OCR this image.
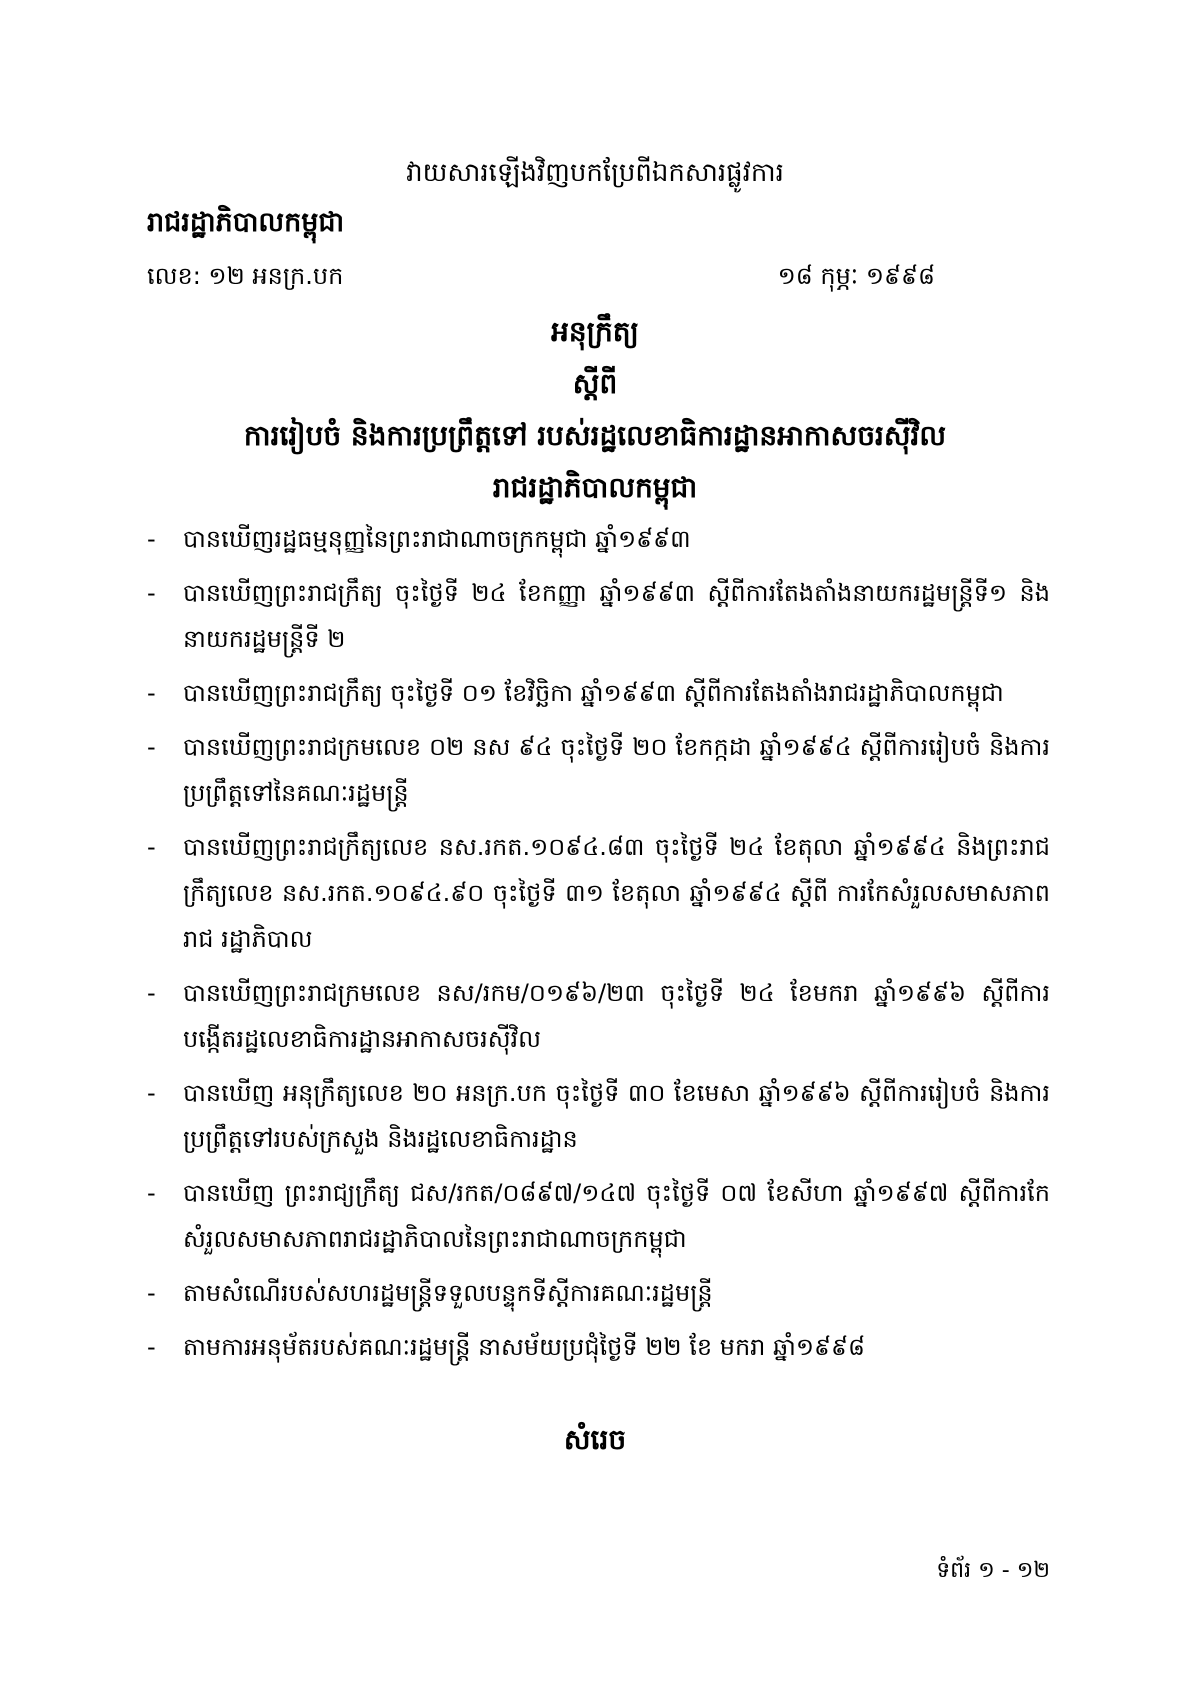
វាយសារឡើងវិញបកប្រែពីឯកសារផ្លូវការ
រាជរដ្ឋាភិបាលកម្ពុជា
លេខ: ១២ អនក្រ.បក	១៨ កុម្ភៈ ១៩៩៨
អនុក្រឹត្យ
ស្តីពី
ការរៀបចំ និងការប្រព្រឹត្តទៅ របស់រដ្ឋលេខាធិការដ្ឋានអាកាសចរស៊ីវិល
រាជរដ្ឋាភិបាលកម្ពុជា
- បានឃើញរដ្ឋធម្មនុញ្ញនៃព្រះរាជាណាចក្រកម្ពុជា ឆ្នាំ១៩៩៣
- បានឃើញព្រះរាជក្រឹត្យ ចុះថ្ងៃទី ២៤ ខែកញ្ញា ឆ្នាំ១៩៩៣ ស្តីពីការតែងតាំងនាយករដ្ឋមន្ត្រីទី១ និងនាយករដ្ឋមន្ត្រីទី ២
- បានឃើញព្រះរាជក្រឹត្យ ចុះថ្ងៃទី ០១ ខែវិច្ឆិកា ឆ្នាំ១៩៩៣ ស្តីពីការតែងតាំងរាជរដ្ឋាភិបាលកម្ពុជា
- បានឃើញព្រះរាជក្រមលេខ ០២ នស ៩៤ ចុះថ្ងៃទី ២០ ខែកក្កដា ឆ្នាំ១៩៩៤ ស្តីពីការរៀបចំ និងការប្រព្រឹត្តទៅនៃគណៈរដ្ឋមន្ត្រី
- បានឃើញព្រះរាជក្រឹត្យលេខ នស.រកត.១០៩៤.៨៣ ចុះថ្ងៃទី ២៤ ខែតុលា ឆ្នាំ១៩៩៤ និងព្រះរាជក្រឹត្យលេខ នស.រកត.១០៩៤.៩០ ចុះថ្ងៃទី ៣១ ខែតុលា ឆ្នាំ១៩៩៤ ស្តីពី ការកែសំរួលសមាសភាពរាជ រដ្ឋាភិបាល
- បានឃើញព្រះរាជក្រមលេខ នស/រកម/០១៩៦/២៣ ចុះថ្ងៃទី ២៤ ខែមករា ឆ្នាំ១៩៩៦ ស្តីពីការបង្កើតរដ្ឋលេខាធិការដ្ឋានអាកាសចរស៊ីវិល
- បានឃើញ អនុក្រឹត្យលេខ ២០ អនក្រ.បក ចុះថ្ងៃទី ៣០ ខែមេសា ឆ្នាំ១៩៩៦ ស្តីពីការរៀបចំ និងការប្រព្រឹត្តទៅរបស់ក្រសួង និងរដ្ឋលេខាធិការដ្ឋាន
- បានឃើញ ព្រះរាជ្យក្រឹត្យ ជស/រកត/០៨៩៧/១៤៧ ចុះថ្ងៃទី ០៧ ខែសីហា ឆ្នាំ១៩៩៧ ស្តីពីការកែសំរួលសមាសភាពរាជរដ្ឋាភិបាលនៃព្រះរាជាណាចក្រកម្ពុជា
- តាមសំណើរបស់សហរដ្ឋមន្ត្រីទទួលបន្ទុកទីស្តីការគណៈរដ្ឋមន្ត្រី
- តាមការអនុម័តរបស់គណៈរដ្ឋមន្ត្រី នាសម័យប្រជុំថ្ងៃទី ២២ ខែ មករា ឆ្នាំ១៩៩៨
សំរេច
ទំព័រ ១ - ១២
